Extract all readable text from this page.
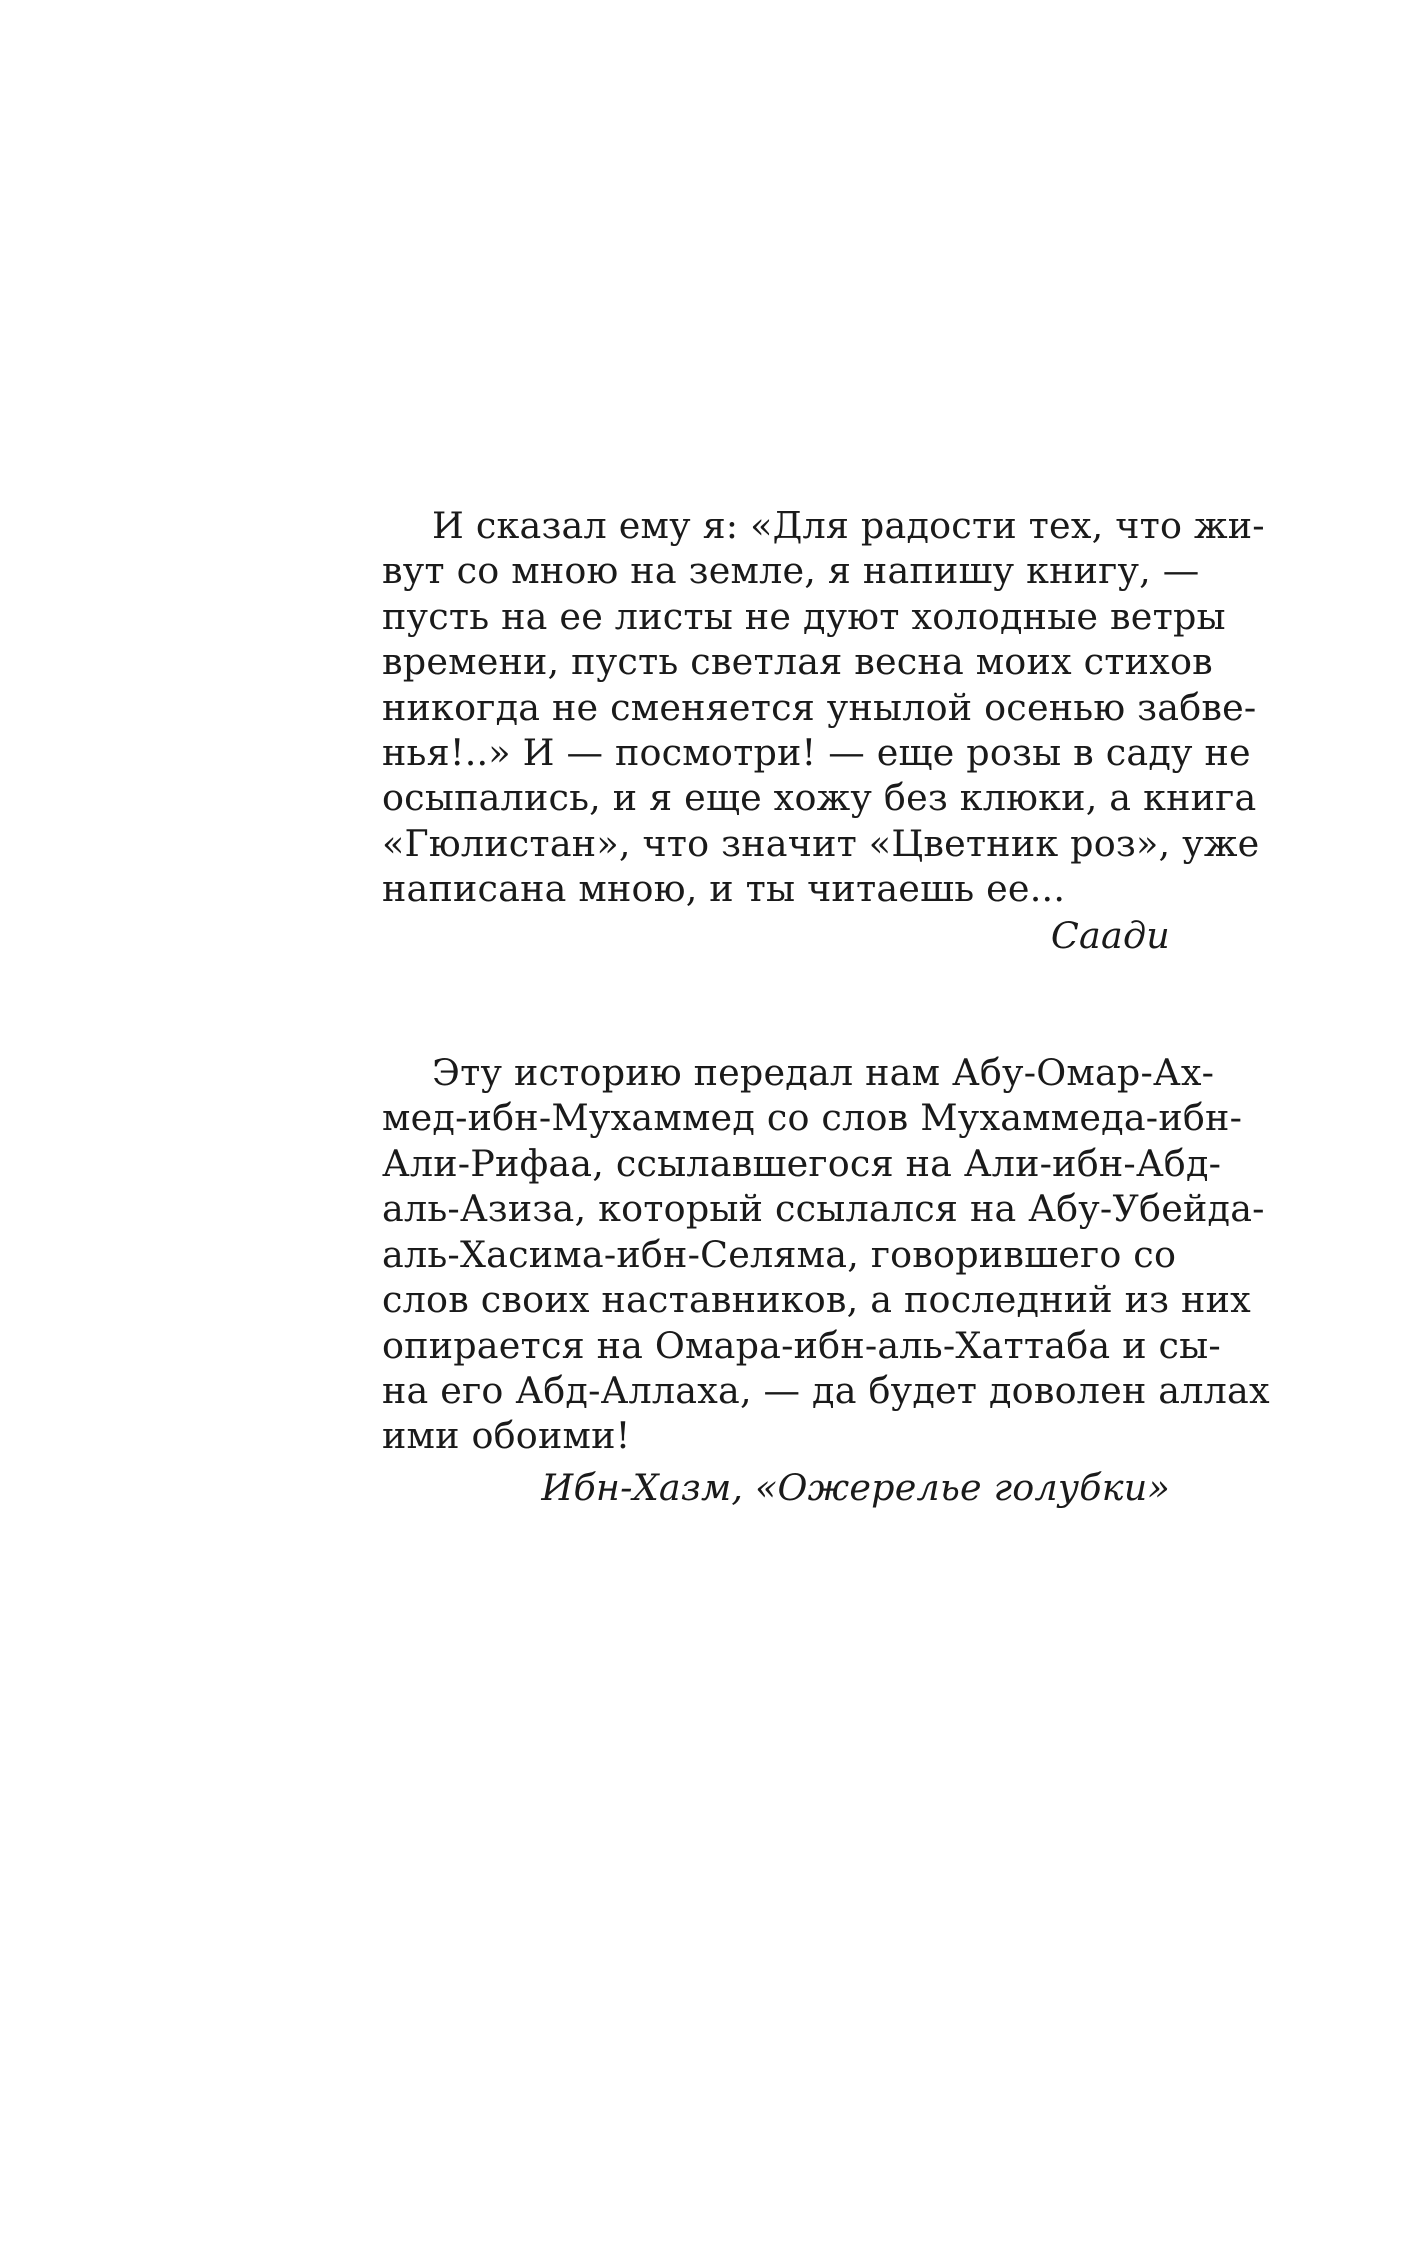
И сказал ему я: «Для радости тех, что жи-
вут со мною на земле, я напишу книгу, —
пусть на ее листы не дуют холодные ветры
времени, пусть светлая весна моих стихов
никогда не сменяется унылой осенью забве-
нья!..» И — посмотри! — еще розы в саду не
осыпались, и я еще хожу без клюки, а книга
«Гюлистан», что значит «Цветник роз», уже
написана мною, и ты читаешь ее...
Саади
Эту историю передал нам Абу-Омар-Ах-
мед-ибн-Мухаммед со слов Мухаммеда-ибн-
Али-Рифаа, ссылавшегося на Али-ибн-Абд-
аль-Азиза, который ссылался на Абу-Убейда-
аль-Хасима-ибн-Селяма, говорившего со
слов своих наставников, а последний из них
опирается на Омара-ибн-аль-Хаттаба и сы-
на его Абд-Аллаха, — да будет доволен аллах
ими обоими!
Ибн-Хазм, «Ожерелье голубки»
